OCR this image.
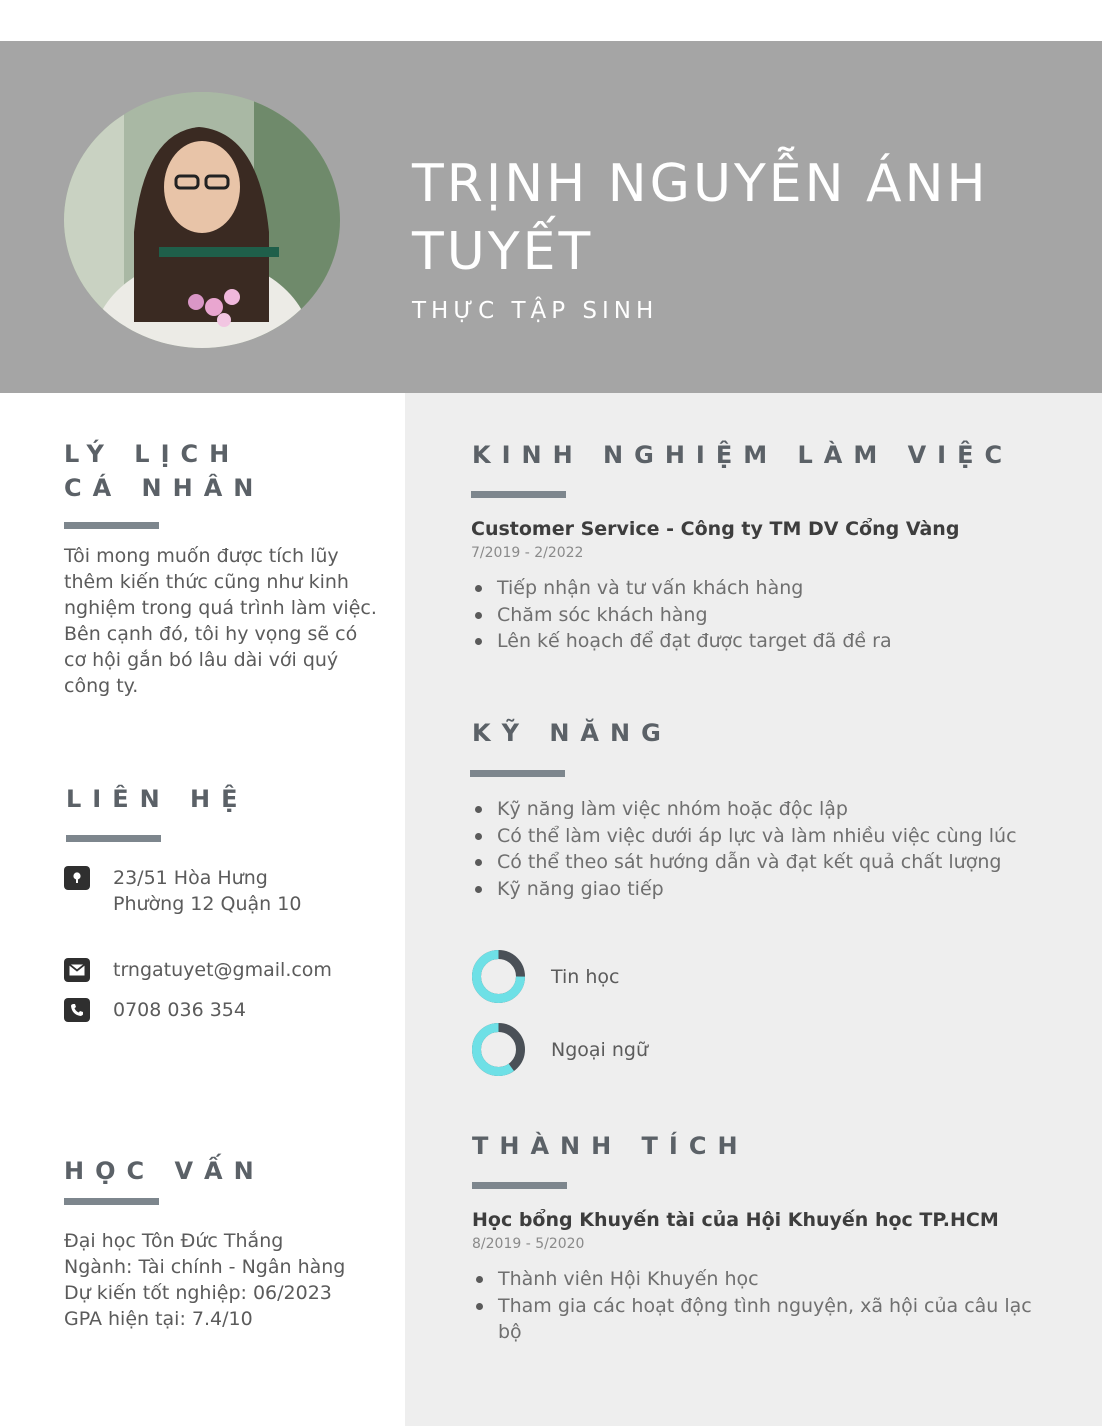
TRỊNH NGUYỄN ÁNH TUYẾT
THỰC TẬP SINH
LÝ LỊCH
CÁ NHÂN
Tôi mong muốn được tích lũy thêm kiến thức cũng như kinh nghiệm trong quá trình làm việc. Bên cạnh đó, tôi hy vọng sẽ có cơ hội gắn bó lâu dài với quý công ty.
LIÊN HỆ
23/51 Hòa Hưng
Phường 12 Quận 10
trngatuyet@gmail.com
0708 036 354
HỌC VẤN
Đại học Tôn Đức Thắng
Ngành: Tài chính - Ngân hàng
Dự kiến tốt nghiệp: 06/2023
GPA hiện tại: 7.4/10
KINH NGHIỆM LÀM VIỆC
Customer Service - Công ty TM DV Cổng Vàng
7/2019 - 2/2022
Tiếp nhận và tư vấn khách hàng
Chăm sóc khách hàng
Lên kế hoạch để đạt được target đã đề ra
KỸ NĂNG
Kỹ năng làm việc nhóm hoặc độc lập
Có thể làm việc dưới áp lực và làm nhiều việc cùng lúc
Có thể theo sát hướng dẫn và đạt kết quả chất lượng
Kỹ năng giao tiếp
Tin học
Ngoại ngữ
THÀNH TÍCH
Học bổng Khuyến tài của Hội Khuyến học TP.HCM
8/2019 - 5/2020
Thành viên Hội Khuyến học
Tham gia các hoạt động tình nguyện, xã hội của câu lạc bộ
